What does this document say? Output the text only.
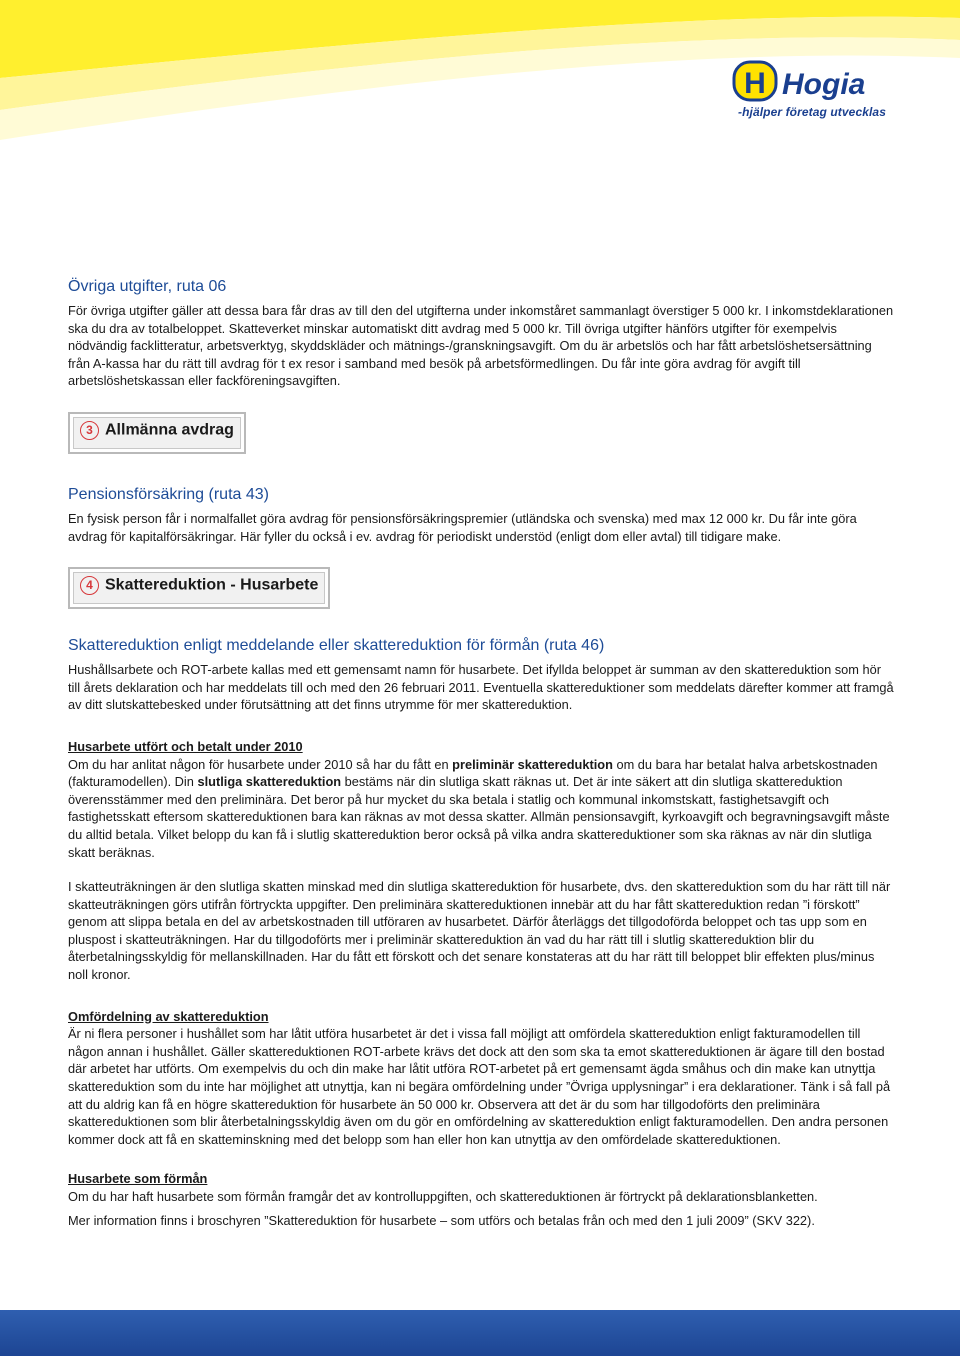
H Hogia
-hjälper företag utvecklas
Övriga utgifter, ruta 06

För övriga utgifter gäller att dessa bara får dras av till den del utgifterna under inkomståret sammanlagt överstiger 5 000 kr. I inkomstdeklarationen ska du dra av totalbeloppet. Skatteverket minskar automatiskt ditt avdrag med 5 000 kr. Till övriga utgifter hänförs utgifter för exempelvis nödvändig facklitteratur, arbetsverktyg, skyddskläder och mätnings-/granskningsavgift. Om du är arbetslös och har fått arbetslöshetsersättning från A-kassa har du rätt till avdrag för t ex resor i samband med besök på arbetsförmedlingen. Du får inte göra avdrag för avgift till arbetslöshetskassan eller fackföreningsavgiften.

3 Allmänna avdrag
Pensionsförsäkring (ruta 43)

En fysisk person får i normalfallet göra avdrag för pensionsförsäkringspremier (utländska och svenska) med max 12 000 kr. Du får inte göra avdrag för kapitalförsäkringar. Här fyller du också i ev. avdrag för periodiskt understöd (enligt dom eller avtal) till tidigare make.

4 Skattereduktion - Husarbete
Skattereduktion enligt meddelande eller skattereduktion för förmån (ruta 46)

Hushållsarbete och ROT-arbete kallas med ett gemensamt namn för husarbete. Det ifyllda beloppet är summan av den skattereduktion som hör till årets deklaration och har meddelats till och med den 26 februari 2011. Eventuella skattereduktioner som meddelats därefter kommer att framgå av ditt slutskattebesked under förutsättning att det finns utrymme för mer skattereduktion.

Husarbete utfört och betalt under 2010

Om du har anlitat någon för husarbete under 2010 så har du fått en preliminär skattereduktion om du bara har betalat halva arbetskostnaden (fakturamodellen). Din slutliga skattereduktion bestäms när din slutliga skatt räknas ut. Det är inte säkert att din slutliga skattereduktion överensstämmer med den preliminära. Det beror på hur mycket du ska betala i statlig och kommunal inkomstskatt, fastighetsavgift och fastighetsskatt eftersom skattereduktionen bara kan räknas av mot dessa skatter. Allmän pensionsavgift, kyrkoavgift och begravningsavgift måste du alltid betala. Vilket belopp du kan få i slutlig skattereduktion beror också på vilka andra skattereduktioner som ska räknas av när din slutliga skatt beräknas.

I skatteuträkningen är den slutliga skatten minskad med din slutliga skattereduktion för husarbete, dvs. den skattereduktion som du har rätt till när skatteuträkningen görs utifrån förtryckta uppgifter. Den preliminära skattereduktionen innebär att du har fått skattereduktion redan ”i förskott” genom att slippa betala en del av arbetskostnaden till utföraren av husarbetet. Därför återläggs det tillgodoförda beloppet och tas upp som en pluspost i skatteuträkningen. Har du tillgodoförts mer i preliminär skattereduktion än vad du har rätt till i slutlig skattereduktion blir du återbetalningsskyldig för mellanskillnaden. Har du fått ett förskott och det senare konstateras att du har rätt till beloppet blir effekten plus/minus noll kronor.

Omfördelning av skattereduktion

Är ni flera personer i hushållet som har låtit utföra husarbetet är det i vissa fall möjligt att omfördela skattereduktion enligt fakturamodellen till någon annan i hushållet. Gäller skattereduktionen ROT-arbete krävs det dock att den som ska ta emot skattereduktionen är ägare till den bostad där arbetet har utförts. Om exempelvis du och din make har låtit utföra ROT-arbetet på ert gemensamt ägda småhus och din make kan utnyttja skattereduktion som du inte har möjlighet att utnyttja, kan ni begära omfördelning under ”Övriga upplysningar” i era deklarationer. Tänk i så fall på att du aldrig kan få en högre skattereduktion för husarbete än 50 000 kr. Observera att det är du som har tillgodoförts den preliminära skattereduktionen som blir återbetalningsskyldig även om du gör en omfördelning av skattereduktion enligt fakturamodellen. Den andra personen kommer dock att få en skatteminskning med det belopp som han eller hon kan utnyttja av den omfördelade skattereduktionen.

Husarbete som förmån

Om du har haft husarbete som förmån framgår det av kontrolluppgiften, och skattereduktionen är förtryckt på deklarationsblanketten.

Mer information finns i broschyren ”Skattereduktion för husarbete – som utförs och betalas från och med den 1 juli 2009” (SKV 322).
